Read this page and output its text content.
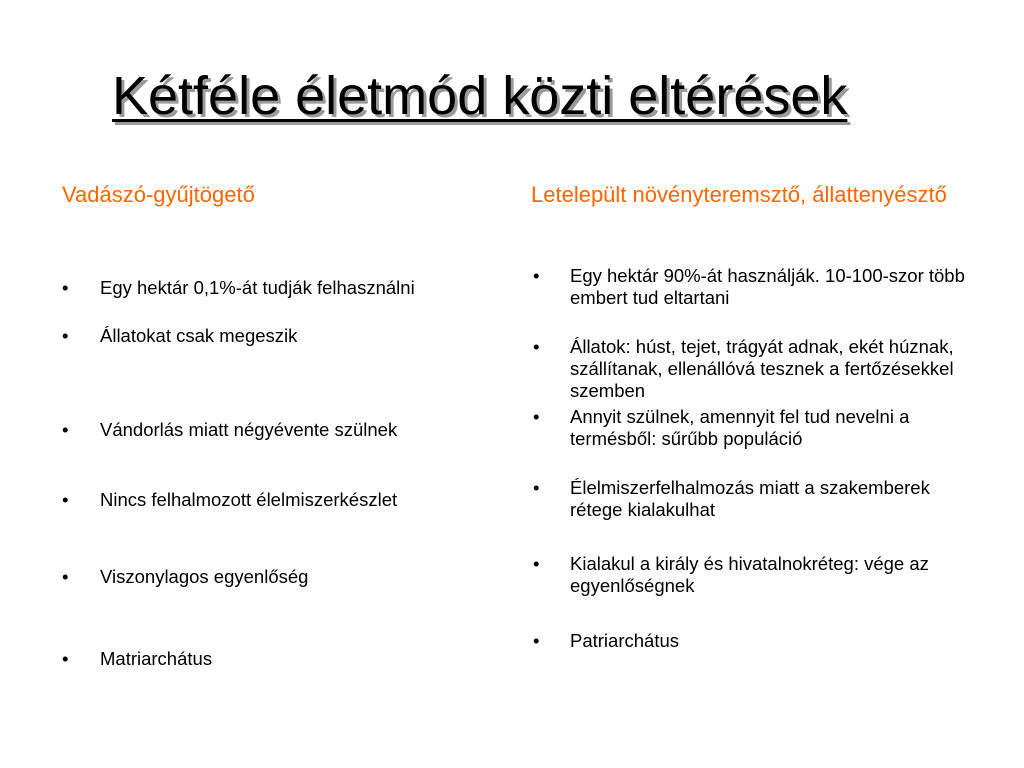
Kétféle életmód közti eltérések
Vadászó-gyűjtögető	Letelepült növényteremsztő, állattenyésztő
• Egy hektár 0,1%-át tudják felhasználni
• Állatokat csak megeszik
• Vándorlás miatt négyévente szülnek
• Nincs felhalmozott élelmiszerkészlet
• Viszonylagos egyenlőség
• Matriarchátus
• Egy hektár 90%-át használják. 10-100-szor több embert tud eltartani
• Állatok: húst, tejet, trágyát adnak, ekét húznak, szállítanak, ellenállóvá tesznek a fertőzésekkel szemben
• Annyit szülnek, amennyit fel tud nevelni a termésből: sűrűbb populáció
• Élelmiszerfelhalmozás miatt a szakemberek rétege kialakulhat
• Kialakul a király és hivatalnokréteg: vége az egyenlőségnek
• Patriarchátus
